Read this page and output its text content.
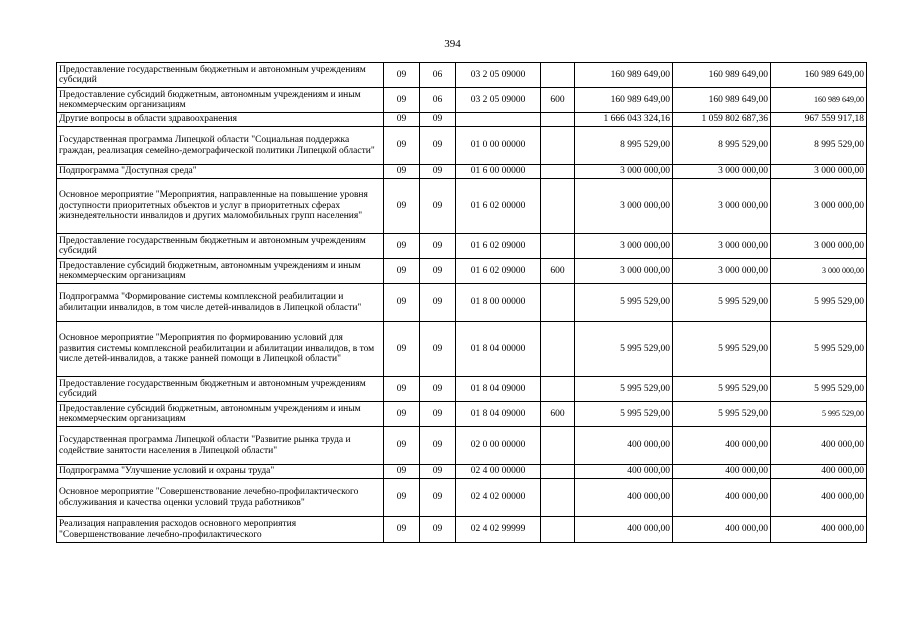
394
Предоставление государственным бюджетным и автономным учреждениям субсидий	09	06	03 2 05 09000		160 989 649,00	160 989 649,00	160 989 649,00
Предоставление субсидий бюджетным, автономным учреждениям и иным некоммерческим организациям	09	06	03 2 05 09000	600	160 989 649,00	160 989 649,00	160 989 649,00
Другие вопросы в области здравоохранения	09	09			1 666 043 324,16	1 059 802 687,36	967 559 917,18
Государственная программа Липецкой области "Социальная поддержка граждан, реализация семейно-демографической политики Липецкой области"	09	09	01 0 00 00000		8 995 529,00	8 995 529,00	8 995 529,00
Подпрограмма "Доступная среда"	09	09	01 6 00 00000		3 000 000,00	3 000 000,00	3 000 000,00
Основное мероприятие "Мероприятия, направленные на повышение уровня доступности приоритетных объектов и услуг в приоритетных сферах жизнедеятельности инвалидов и других маломобильных групп населения"	09	09	01 6 02 00000		3 000 000,00	3 000 000,00	3 000 000,00
Предоставление государственным бюджетным и автономным учреждениям субсидий	09	09	01 6 02 09000		3 000 000,00	3 000 000,00	3 000 000,00
Предоставление субсидий бюджетным, автономным учреждениям и иным некоммерческим организациям	09	09	01 6 02 09000	600	3 000 000,00	3 000 000,00	3 000 000,00
Подпрограмма "Формирование системы комплексной реабилитации и абилитации инвалидов, в том числе детей-инвалидов в Липецкой области"	09	09	01 8 00 00000		5 995 529,00	5 995 529,00	5 995 529,00
Основное мероприятие "Мероприятия по формированию условий для развития системы комплексной реабилитации и абилитации инвалидов, в том числе детей-инвалидов, а также ранней помощи в Липецкой области"	09	09	01 8 04 00000		5 995 529,00	5 995 529,00	5 995 529,00
Предоставление государственным бюджетным и автономным учреждениям субсидий	09	09	01 8 04 09000		5 995 529,00	5 995 529,00	5 995 529,00
Предоставление субсидий бюджетным, автономным учреждениям и иным некоммерческим организациям	09	09	01 8 04 09000	600	5 995 529,00	5 995 529,00	5 995 529,00
Государственная программа Липецкой области "Развитие рынка труда и содействие занятости населения в Липецкой области"	09	09	02 0 00 00000		400 000,00	400 000,00	400 000,00
Подпрограмма "Улучшение условий и охраны труда"	09	09	02 4 00 00000		400 000,00	400 000,00	400 000,00
Основное мероприятие "Совершенствование лечебно-профилактического обслуживания и качества оценки условий труда работников"	09	09	02 4 02 00000		400 000,00	400 000,00	400 000,00
Реализация направления расходов основного мероприятия "Совершенствование лечебно-профилактического	09	09	02 4 02 99999		400 000,00	400 000,00	400 000,00
